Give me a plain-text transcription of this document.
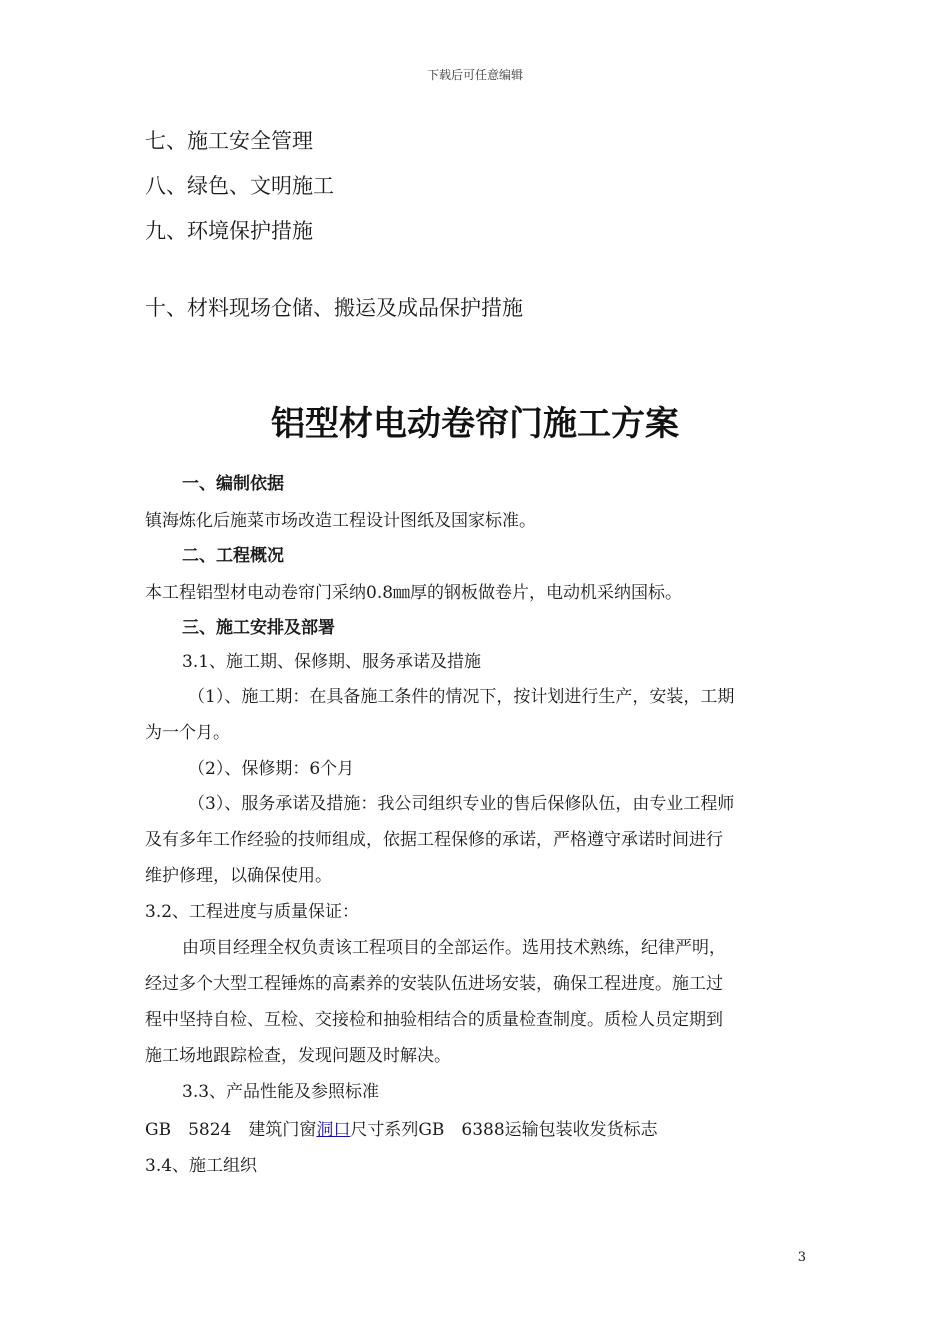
下载后可任意编辑
七、施工安全管理
八、绿色、文明施工
九、环境保护措施
十、材料现场仓储、搬运及成品保护措施
铝型材电动卷帘门施工方案
一、编制依据
镇海炼化后施菜市场改造工程设计图纸及国家标准。
二、工程概况
本工程铝型材电动卷帘门采纳0.8㎜厚的钢板做卷片，电动机采纳国标。
三、施工安排及部署
3.1、施工期、保修期、服务承诺及措施
（1）、施工期：在具备施工条件的情况下，按计划进行生产，安装，工期
为一个月。
（2）、保修期：6个月
（3）、服务承诺及措施：我公司组织专业的售后保修队伍，由专业工程师
及有多年工作经验的技师组成，依据工程保修的承诺，严格遵守承诺时间进行
维护修理，以确保使用。
3.2、工程进度与质量保证：
由项目经理全权负责该工程项目的全部运作。选用技术熟练，纪律严明，
经过多个大型工程锤炼的高素养的安装队伍进场安装，确保工程进度。施工过
程中坚持自检、互检、交接检和抽验相结合的质量检查制度。质检人员定期到
施工场地跟踪检查，发现问题及时解决。
3.3、产品性能及参照标准
GB　5824　建筑门窗洞口尺寸系列GB　6388运输包装收发货标志
3.4、施工组织
3
